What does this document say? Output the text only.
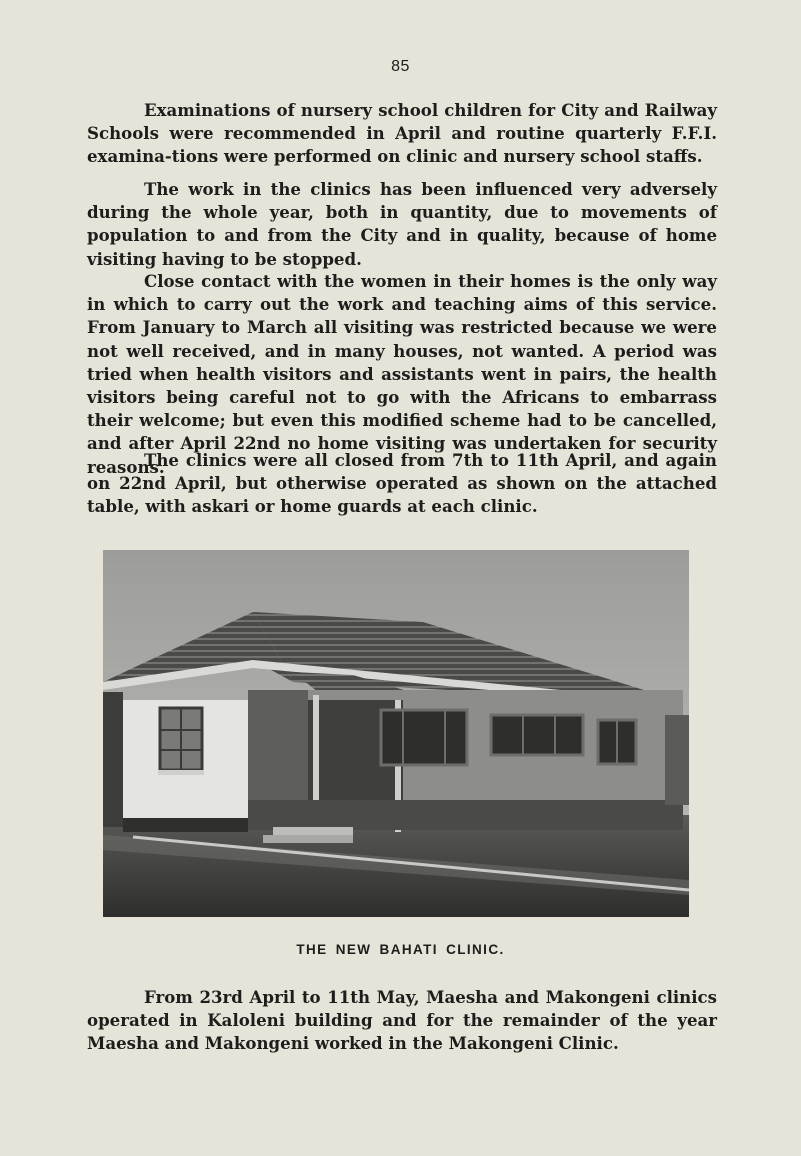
85

Examinations of nursery school children for City and Railway Schools were recommended in April and routine quarterly F.F.I. examina-tions were performed on clinic and nursery school staffs.

The work in the clinics has been influenced very adversely during the whole year, both in quantity, due to movements of population to and from the City and in quality, because of home visiting having to be stopped.

Close contact with the women in their homes is the only way in which to carry out the work and teaching aims of this service. From January to March all visiting was restricted because we were not well received, and in many houses, not wanted. A period was tried when health visitors and assistants went in pairs, the health visitors being careful not to go with the Africans to embarrass their welcome; but even this modified scheme had to be cancelled, and after April 22nd no home visiting was undertaken for security reasons.

The clinics were all closed from 7th to 11th April, and again on 22nd April, but otherwise operated as shown on the attached table, with askari or home guards at each clinic.

THE NEW BAHATI CLINIC.

From 23rd April to 11th May, Maesha and Makongeni clinics operated in Kaloleni building and for the remainder of the year Maesha and Makongeni worked in the Makongeni Clinic.
